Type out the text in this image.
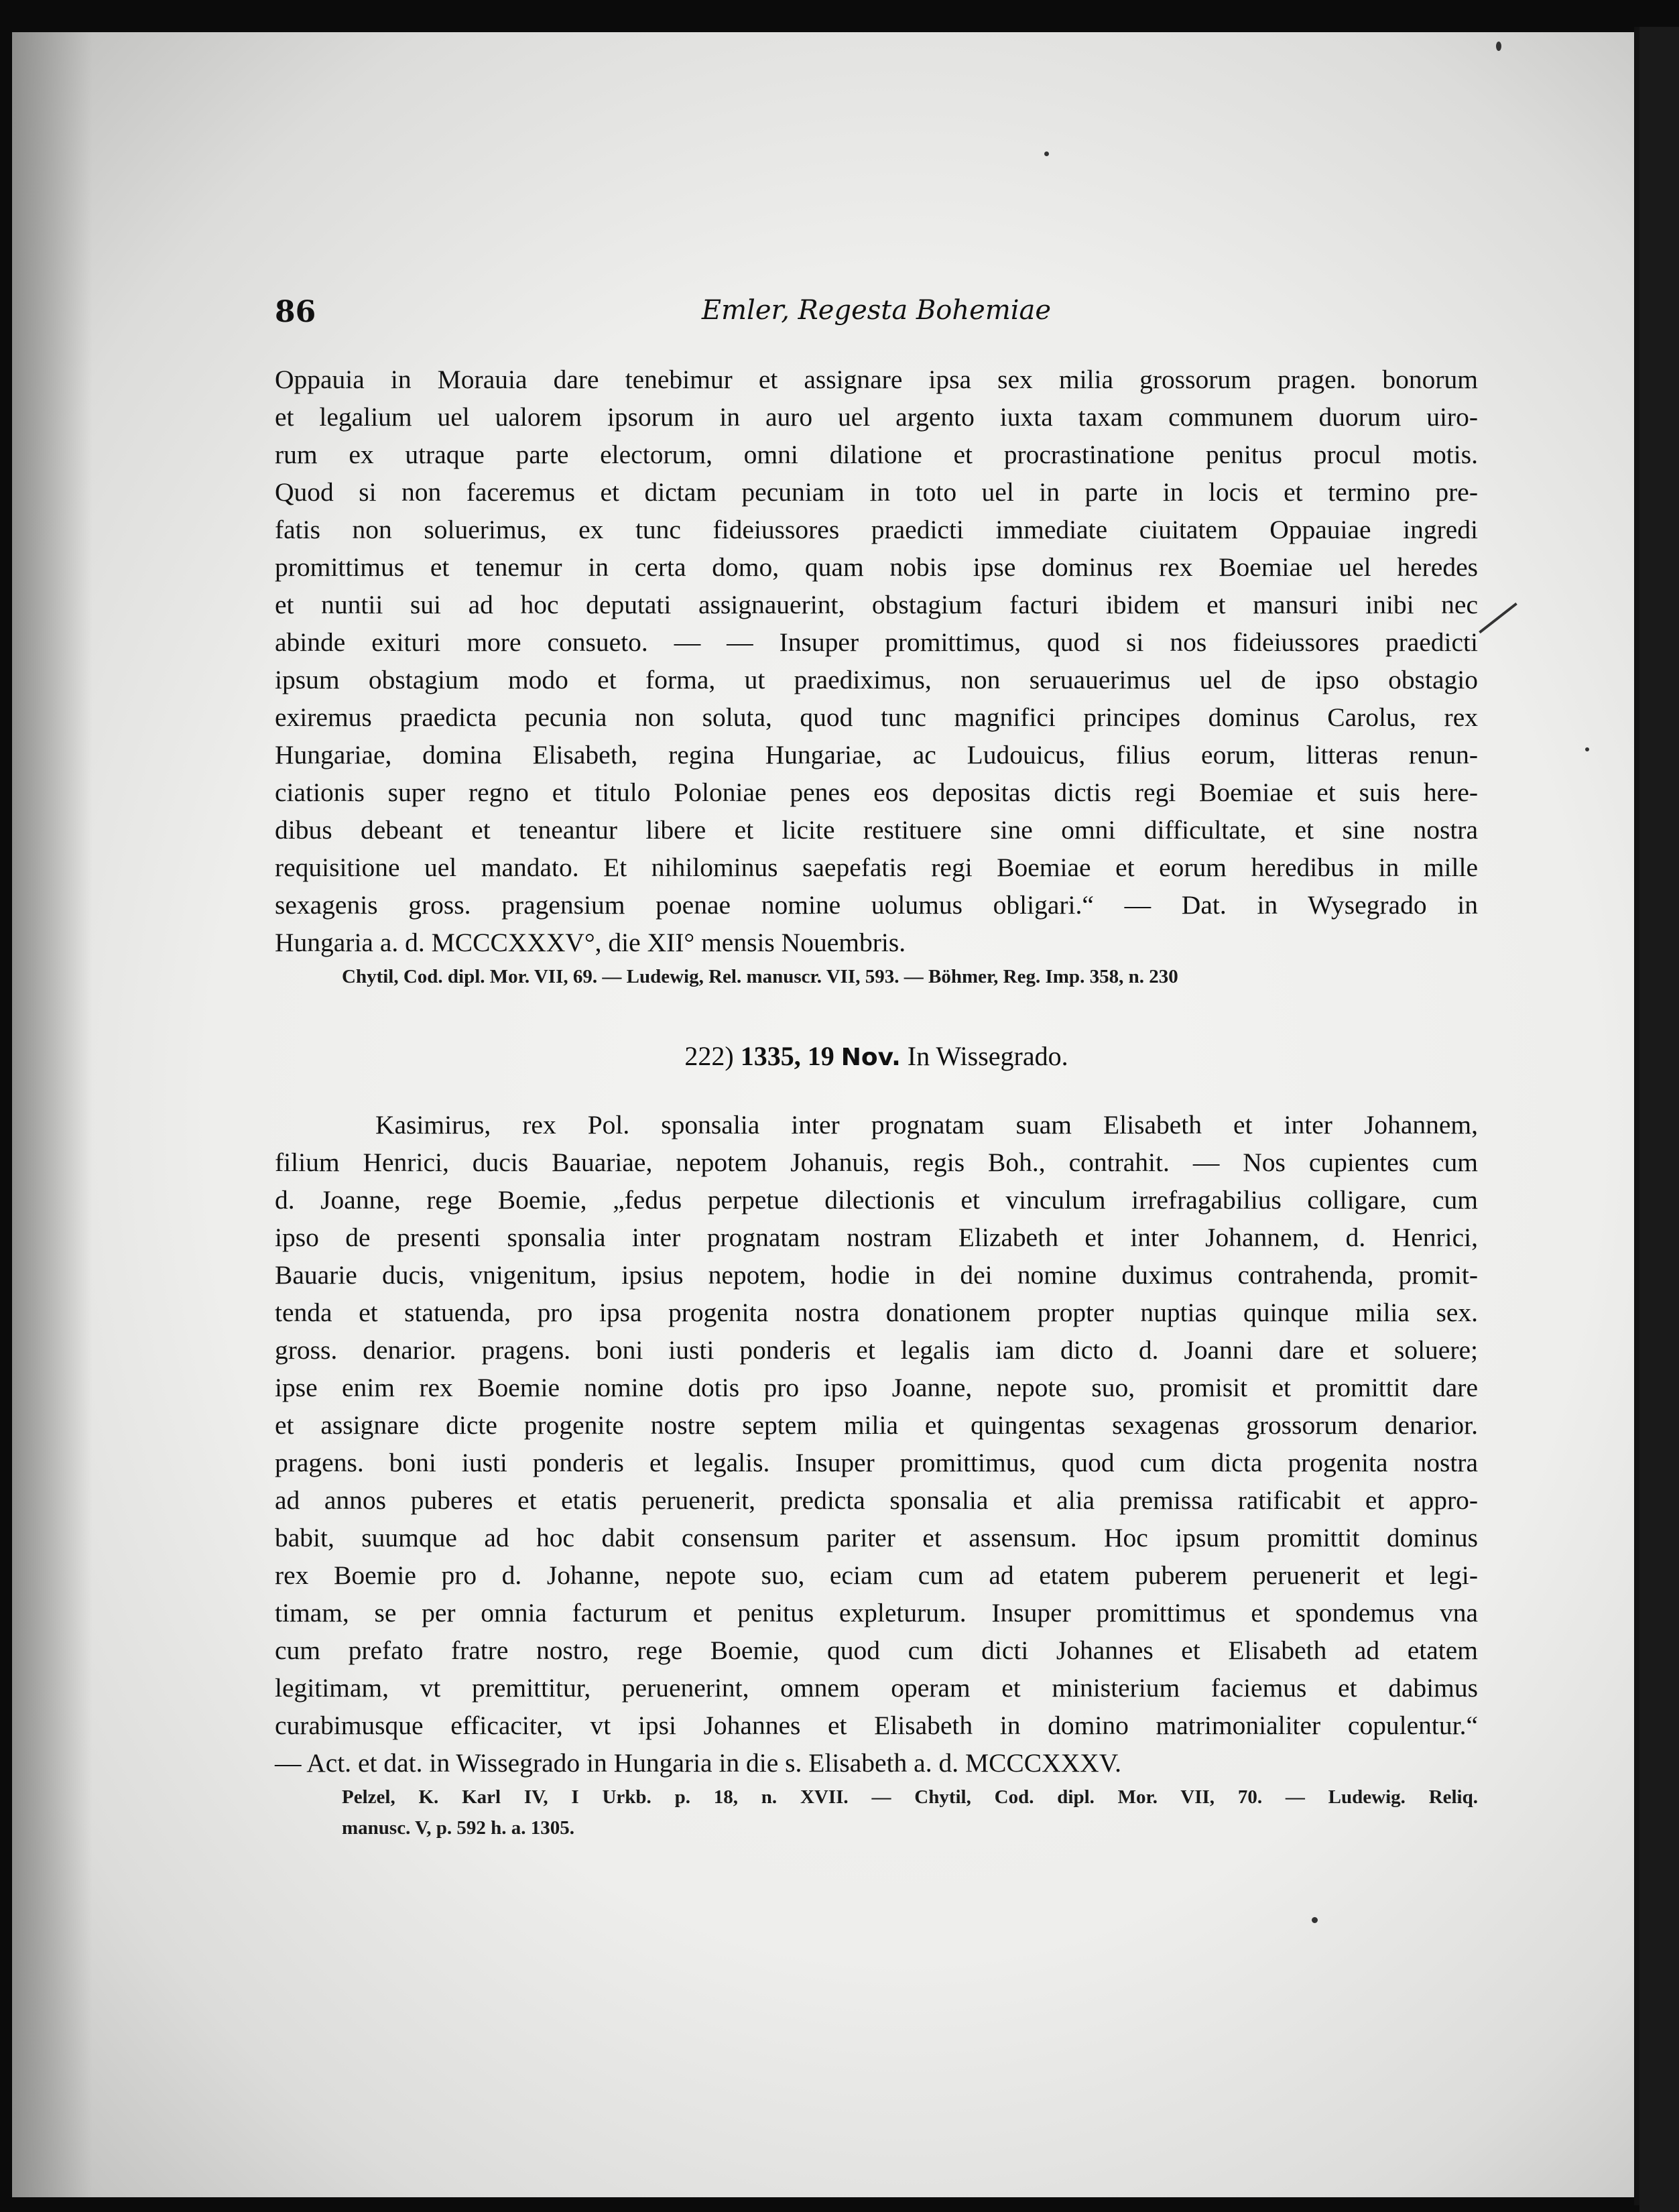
86	Emler, Regesta Bohemiae
Oppauia in Morauia dare tenebimur et assignare ipsa sex milia grossorum pragen. bonorum
et legalium uel ualorem ipsorum in auro uel argento iuxta taxam communem duorum uiro-
rum ex utraque parte electorum, omni dilatione et procrastinatione penitus procul motis.
Quod si non faceremus et dictam pecuniam in toto uel in parte in locis et termino pre-
fatis non soluerimus, ex tunc fideiussores praedicti immediate ciuitatem Oppauiae ingredi
promittimus et tenemur in certa domo, quam nobis ipse dominus rex Boemiae uel heredes
et nuntii sui ad hoc deputati assignauerint, obstagium facturi ibidem et mansuri inibi nec
abinde exituri more consueto. — — Insuper promittimus, quod si nos fideiussores praedicti
ipsum obstagium modo et forma, ut praediximus, non seruauerimus uel de ipso obstagio
exiremus praedicta pecunia non soluta, quod tunc magnifici principes dominus Carolus, rex
Hungariae, domina Elisabeth, regina Hungariae, ac Ludouicus, filius eorum, litteras renun-
ciationis super regno et titulo Poloniae penes eos depositas dictis regi Boemiae et suis here-
dibus debeant et teneantur libere et licite restituere sine omni difficultate, et sine nostra
requisitione uel mandato. Et nihilominus saepefatis regi Boemiae et eorum heredibus in mille
sexagenis gross. pragensium poenae nomine uolumus obligari.“ — Dat. in Wysegrado in
Hungaria a. d. MCCCXXXV°, die XII° mensis Nouembris.
Chytil, Cod. dipl. Mor. VII, 69. — Ludewig, Rel. manuscr. VII, 593. — Böhmer, Reg. Imp. 358, n. 230
222) 1335, 19 Nov. In Wissegrado.
Kasimirus, rex Pol. sponsalia inter prognatam suam Elisabeth et inter Johannem,
filium Henrici, ducis Bauariae, nepotem Johanuis, regis Boh., contrahit. — Nos cupientes cum
d. Joanne, rege Boemie, „fedus perpetue dilectionis et vinculum irrefragabilius colligare, cum
ipso de presenti sponsalia inter prognatam nostram Elizabeth et inter Johannem, d. Henrici,
Bauarie ducis, vnigenitum, ipsius nepotem, hodie in dei nomine duximus contrahenda, promit-
tenda et statuenda, pro ipsa progenita nostra donationem propter nuptias quinque milia sex.
gross. denarior. pragens. boni iusti ponderis et legalis iam dicto d. Joanni dare et soluere;
ipse enim rex Boemie nomine dotis pro ipso Joanne, nepote suo, promisit et promittit dare
et assignare dicte progenite nostre septem milia et quingentas sexagenas grossorum denarior.
pragens. boni iusti ponderis et legalis. Insuper promittimus, quod cum dicta progenita nostra
ad annos puberes et etatis peruenerit, predicta sponsalia et alia premissa ratificabit et appro-
babit, suumque ad hoc dabit consensum pariter et assensum. Hoc ipsum promittit dominus
rex Boemie pro d. Johanne, nepote suo, eciam cum ad etatem puberem peruenerit et legi-
timam, se per omnia facturum et penitus expleturum. Insuper promittimus et spondemus vna
cum prefato fratre nostro, rege Boemie, quod cum dicti Johannes et Elisabeth ad etatem
legitimam, vt premittitur, peruenerint, omnem operam et ministerium faciemus et dabimus
curabimusque efficaciter, vt ipsi Johannes et Elisabeth in domino matrimonialiter copulentur.“
— Act. et dat. in Wissegrado in Hungaria in die s. Elisabeth a. d. MCCCXXXV.
Pelzel, K. Karl IV, I Urkb. p. 18, n. XVII. — Chytil, Cod. dipl. Mor. VII, 70. — Ludewig. Reliq.
manusc. V, p. 592 h. a. 1305.
